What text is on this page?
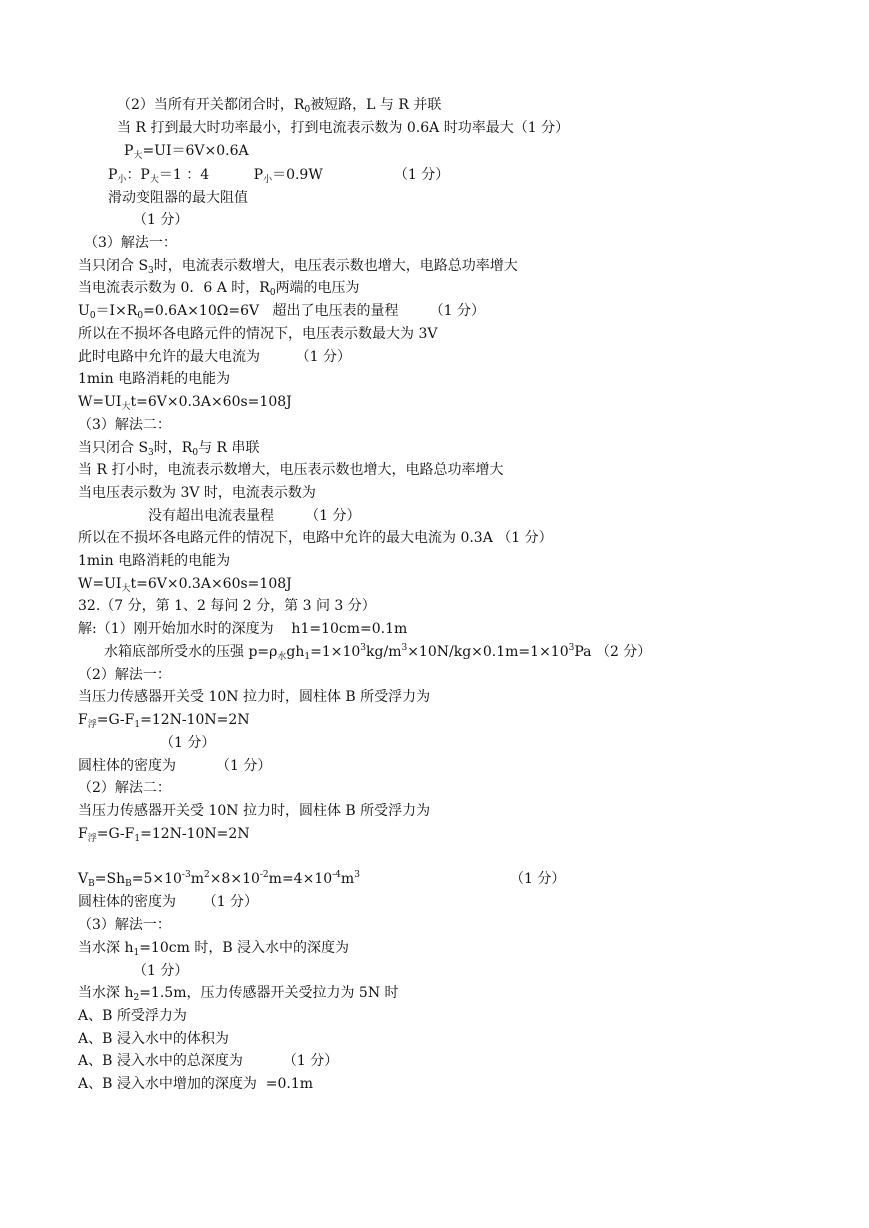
（2）当所有开关都闭合时，$R_0$被短路，L 与 R 并联
当 R 打到最大时功率最小，打到电流表示数为 0.6A 时功率最大（1 分）
$P_大=UI=6V\times 0.6A$
$P_小$：$P_大=1$ ：4          $P_小=0.9W$                （1 分）
滑动变阻器的最大阻值
（1 分）
（3）解法一：
当只闭合 $S_3$时，电流表示数增大，电压表示数也增大，电路总功率增大
当电流表示数为 0．6 A 时，$R_0$两端的电压为
$U_0=I\times R_0=0.6A\times 10\Omega=6V$   超出了电压表的量程       （1 分）
所以在不损坏各电路元件的情况下，电压表示数最大为 3V
此时电路中允许的最大电流为        （1 分）
1min 电路消耗的电能为
$W=UI_大t=6V\times 0.3A\times 60s=108J$
（3）解法二：
当只闭合 $S_3$时，$R_0$与 R 串联
当 R 打小时，电流表示数增大，电压表示数也增大，电路总功率增大
当电压表示数为 3V 时，电流表示数为
没有超出电流表量程       （1 分）
所以在不损坏各电路元件的情况下，电路中允许的最大电流为 0.3A （1 分）
1min 电路消耗的电能为
$W=UI_大t=6V\times 0.3A\times 60s=108J$
32.（7 分，第 1、2 每问 2 分，第 3 问 3 分）
解:（1）刚开始加水时的深度为    h1=10cm=0.1m
水箱底部所受水的压强 $p=\rho_水gh_1=1\times 10^3kg/m^3\times 10N/kg\times 0.1m=1\times 10^3Pa$ （2 分）
（2）解法一：
当压力传感器开关受 10N 拉力时，圆柱体 B 所受浮力为
$F_浮=G-F_1=12N-10N=2N$
（1 分）
圆柱体的密度为         （1 分）
（2）解法二：
当压力传感器开关受 10N 拉力时，圆柱体 B 所受浮力为
$F_浮=G-F_1=12N-10N=2N$
$V_B=Sh_B=5\times 10^{-3}m^2\times 8\times 10^{-2}m=4\times 10^{-4}m^3$	（1 分）
圆柱体的密度为      （1 分）
（3）解法一：
当水深 $h_1=10cm$ 时，B 浸入水中的深度为
（1 分）
当水深 $h_2=1.5m$，压力传感器开关受拉力为 5N 时
A、B 所受浮力为
A、B 浸入水中的体积为
A、B 浸入水中的总深度为         （1 分）
A、B 浸入水中增加的深度为  =0.1m
